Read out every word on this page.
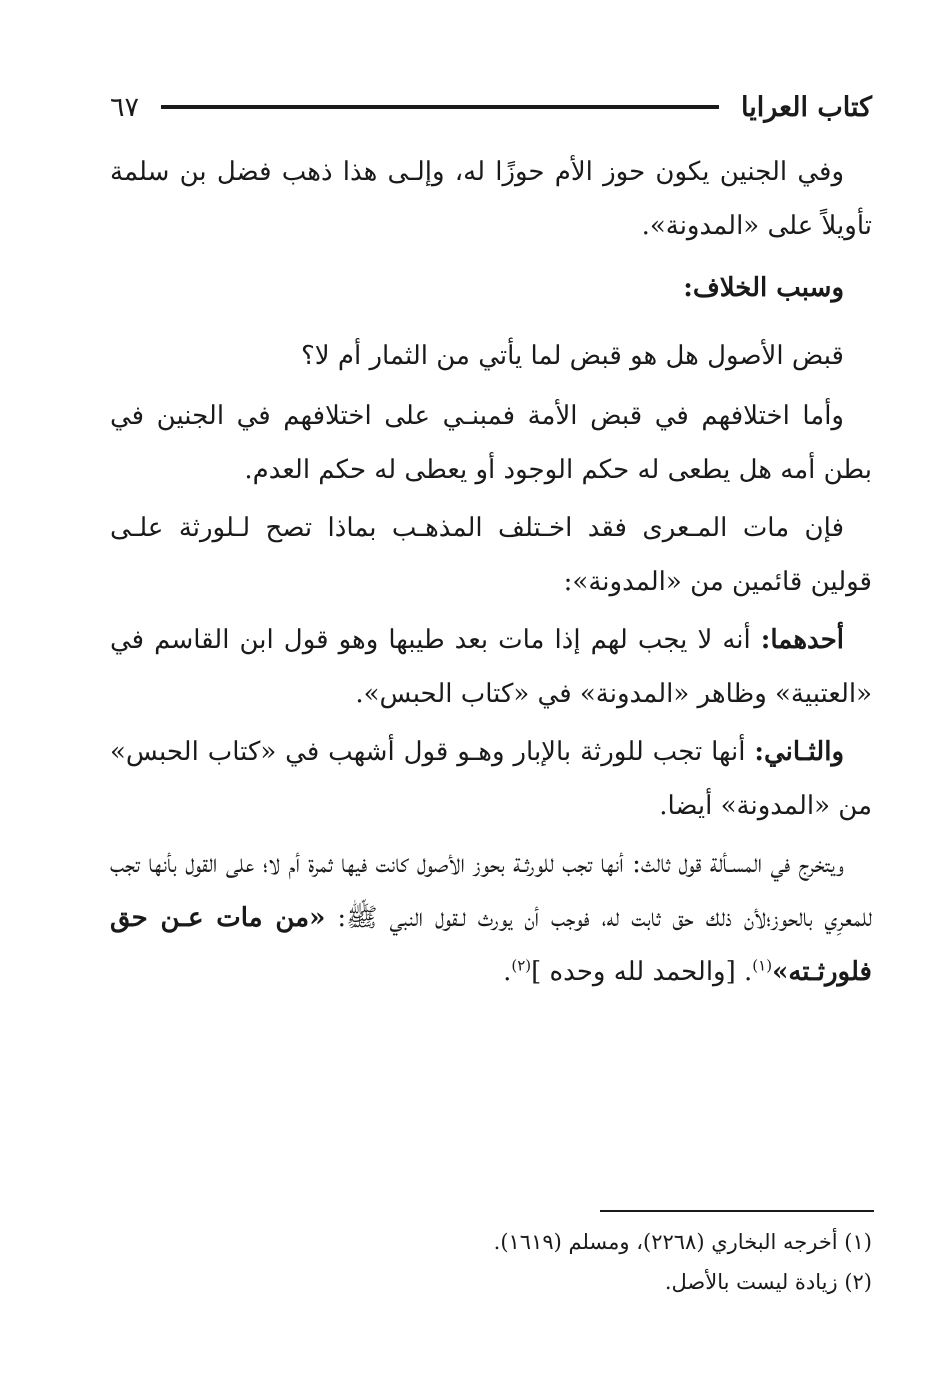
كتاب العرايا
٦٧

وفي الجنين يكون حوز الأم حوزًا له، وإلـى هذا ذهب فضل بن سلمة تأويلاً على «المدونة».

وسبب الخلاف:

قبض الأصول هل هو قبض لما يأتي من الثمار أم لا؟

وأما اختلافهم في قبض الأمة فمبنـي على اختلافهم في الجنين في بطن أمه هل يطعى له حكم الوجود أو يعطى له حكم العدم.

فإن مات المـعرى فقد اخـتلف المذهـب بماذا تصح لـلورثة علـى قولين قائمين من «المدونة»:

أحدهما: أنه لا يجب لهم إذا مات بعد طيبها وهو قول ابن القاسم في «العتبية» وظاهر «المدونة» في «كتاب الحبس».

والثـاني: أنها تجب للورثة بالإبار وهـو قول أشهب في «كتاب الحبس» من «المدونة» أيضا.

ويتخرج في المسـألة قول ثالث: أنها تجب للورثـة بحوز الأصول كانت فيها ثمرة أم لا؛ على القول بأنها تجب للمعرِي بالحوز؛لأن ذلك حق ثابت له، فوجب أن يورث لـقول النبي ﷺ: «من مات عـن حق فلورثـته»$^{(١)}$. [والحمد لله وحده ]$^{(٢)}$.

(١) أخرجه البخاري (٢٢٦٨)، ومسلم (١٦١٩).

(٢) زيادة ليست بالأصل.
